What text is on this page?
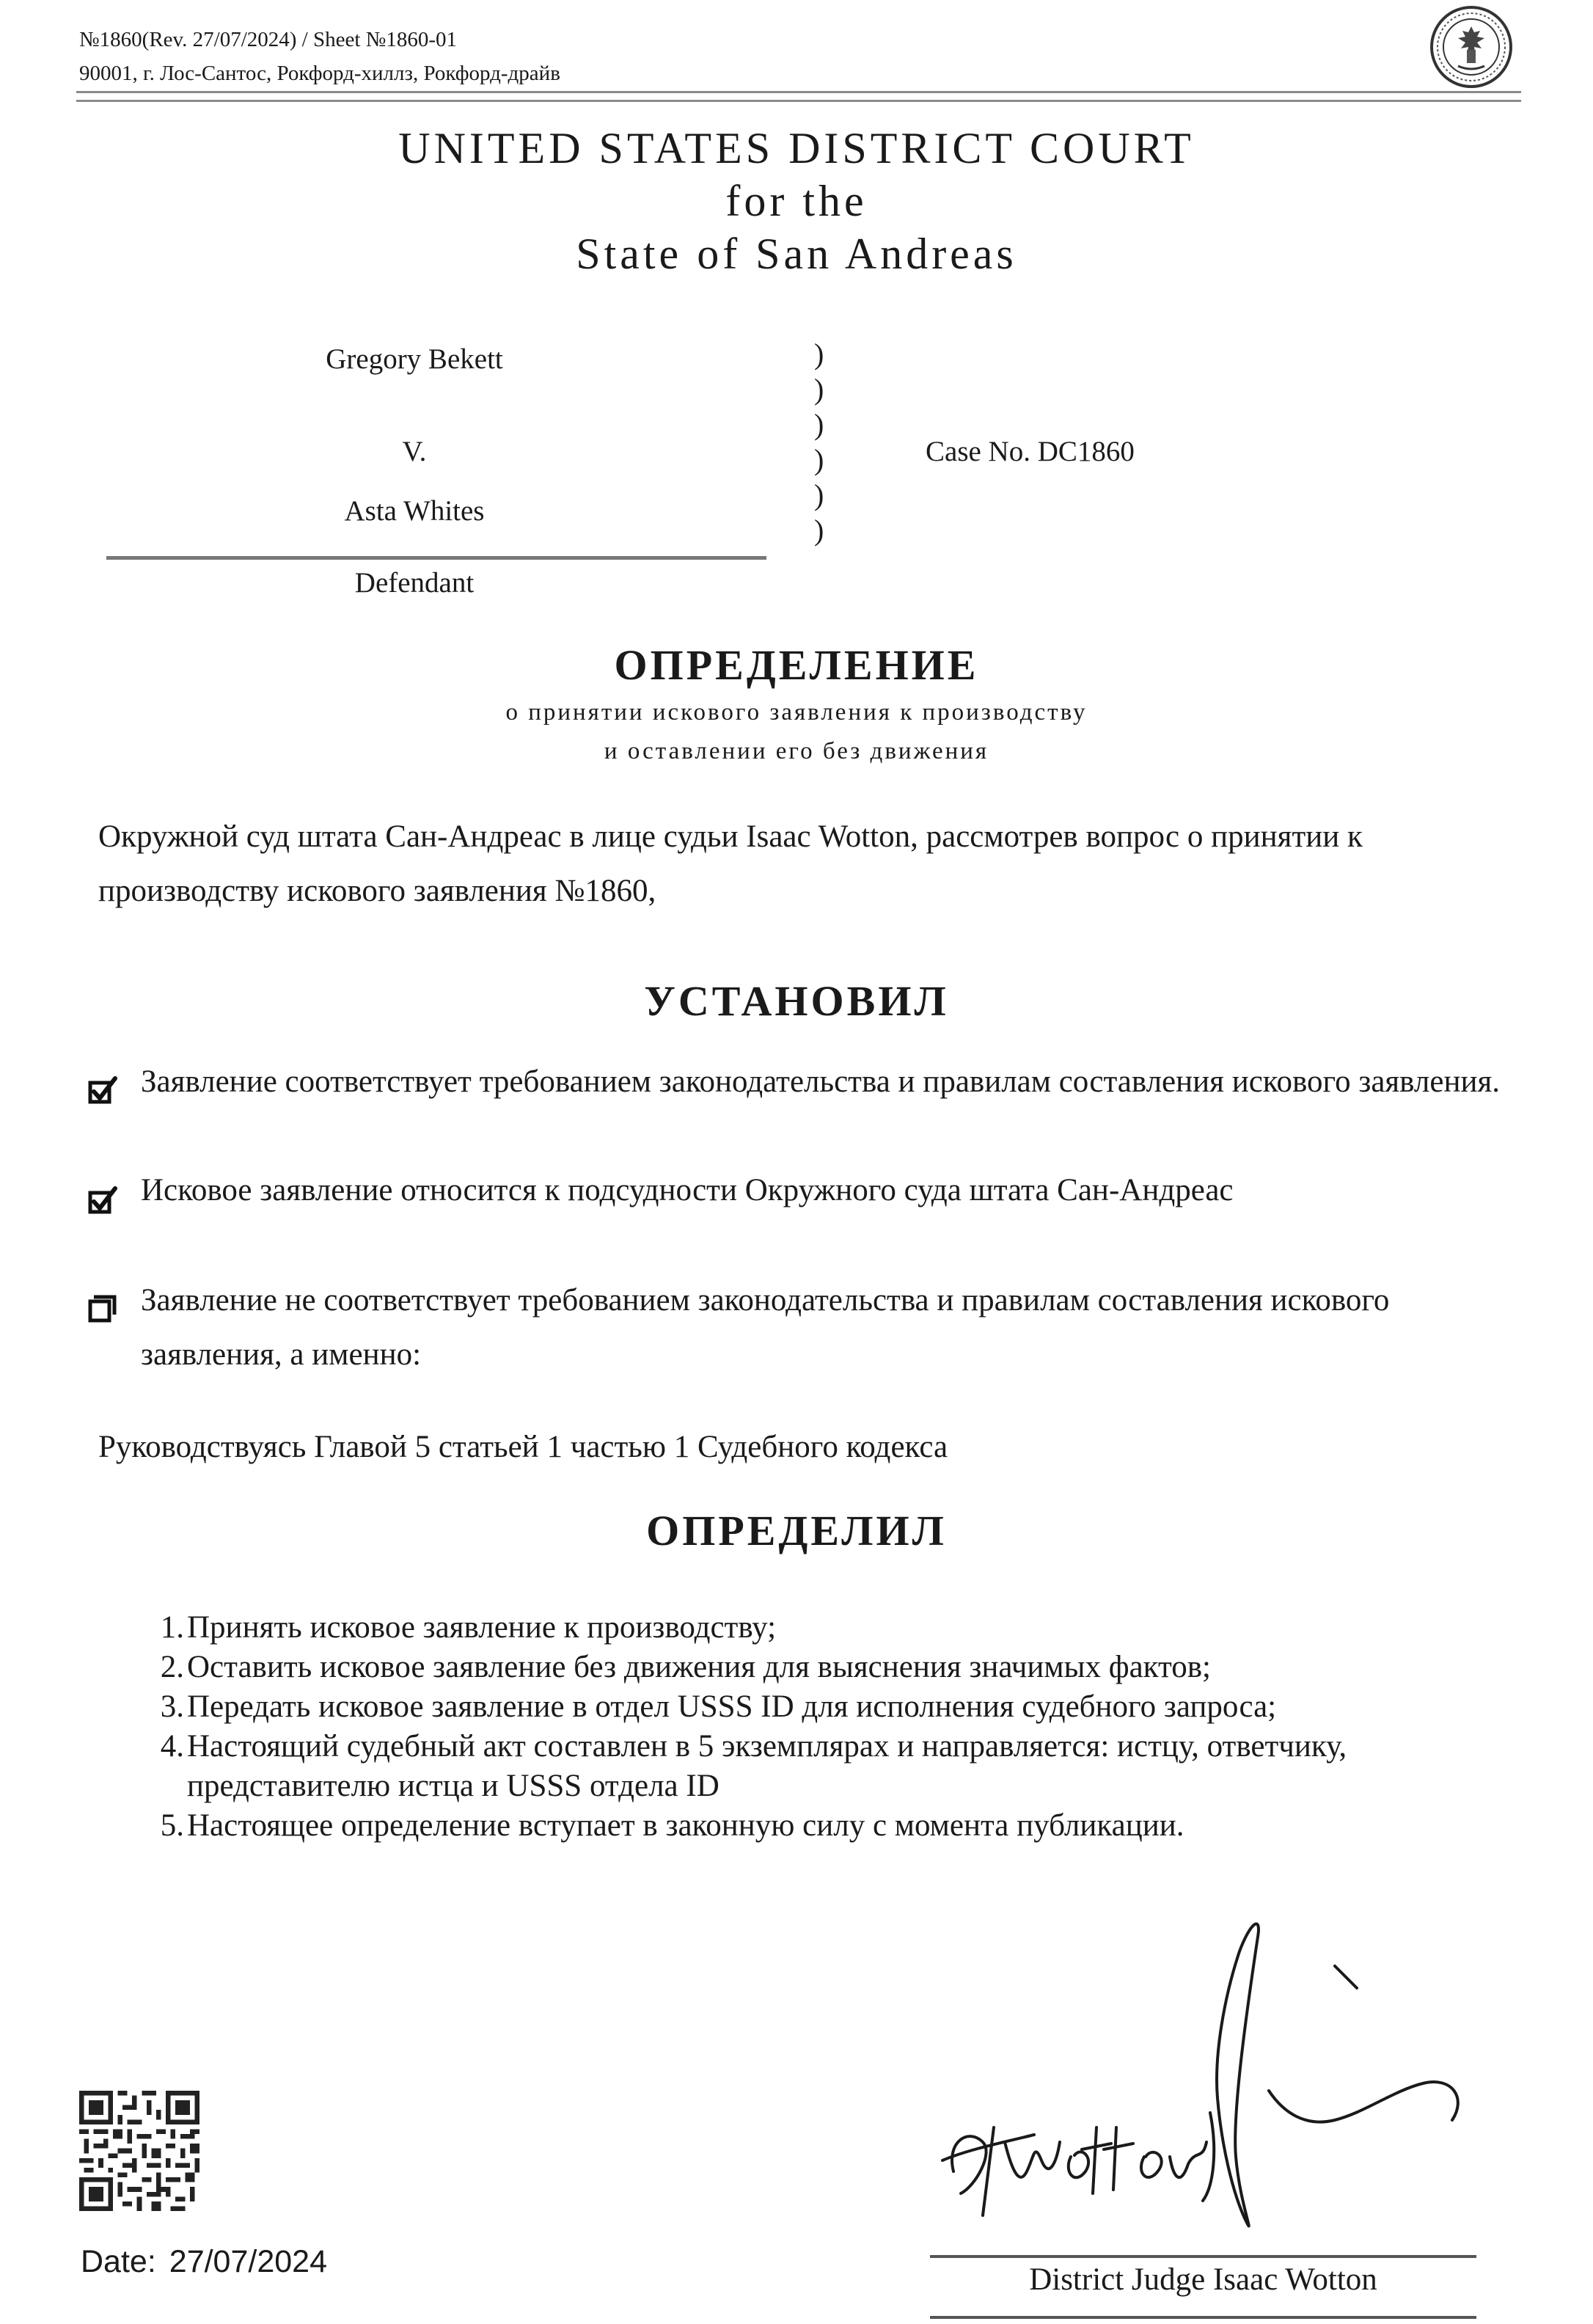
№1860(Rev. 27/07/2024) / Sheet №1860-01
90001, г. Лос-Сантос, Рокфорд-хиллз, Рокфорд-драйв
UNITED STATES DISTRICT COURT
for the
State of San Andreas
Gregory Bekett
V.
Asta Whites
Defendant
)
)
)
)
)
)
Case No. DC1860
ОПРЕДЕЛЕНИЕ
о принятии искового заявления к производству
и оставлении его без движения
Окружной суд штата Сан-Андреас в лице судьи Isaac Wotton, рассмотрев вопрос о принятии к производству искового заявления №1860,
УСТАНОВИЛ
Заявление соответствует требованием законодательства и правилам составления искового заявления.
Исковое заявление относится к подсудности Окружного суда штата Сан-Андреас
Заявление не соответствует требованием законодательства и правилам составления искового заявления, а именно:
Руководствуясь Главой 5 статьей 1 частью 1 Судебного кодекса
ОПРЕДЕЛИЛ
1. Принять исковое заявление к производству;
2. Оставить исковое заявление без движения для выяснения значимых фактов;
3. Передать исковое заявление в отдел USSS ID для исполнения судебного запроса;
4. Настоящий судебный акт составлен в 5 экземплярах и направляется: истцу, ответчику, представителю истца и USSS отдела ID
5. Настоящее определение вступает в законную силу с момента публикации.
Date: 27/07/2024
Wotton
District Judge Isaac Wotton
